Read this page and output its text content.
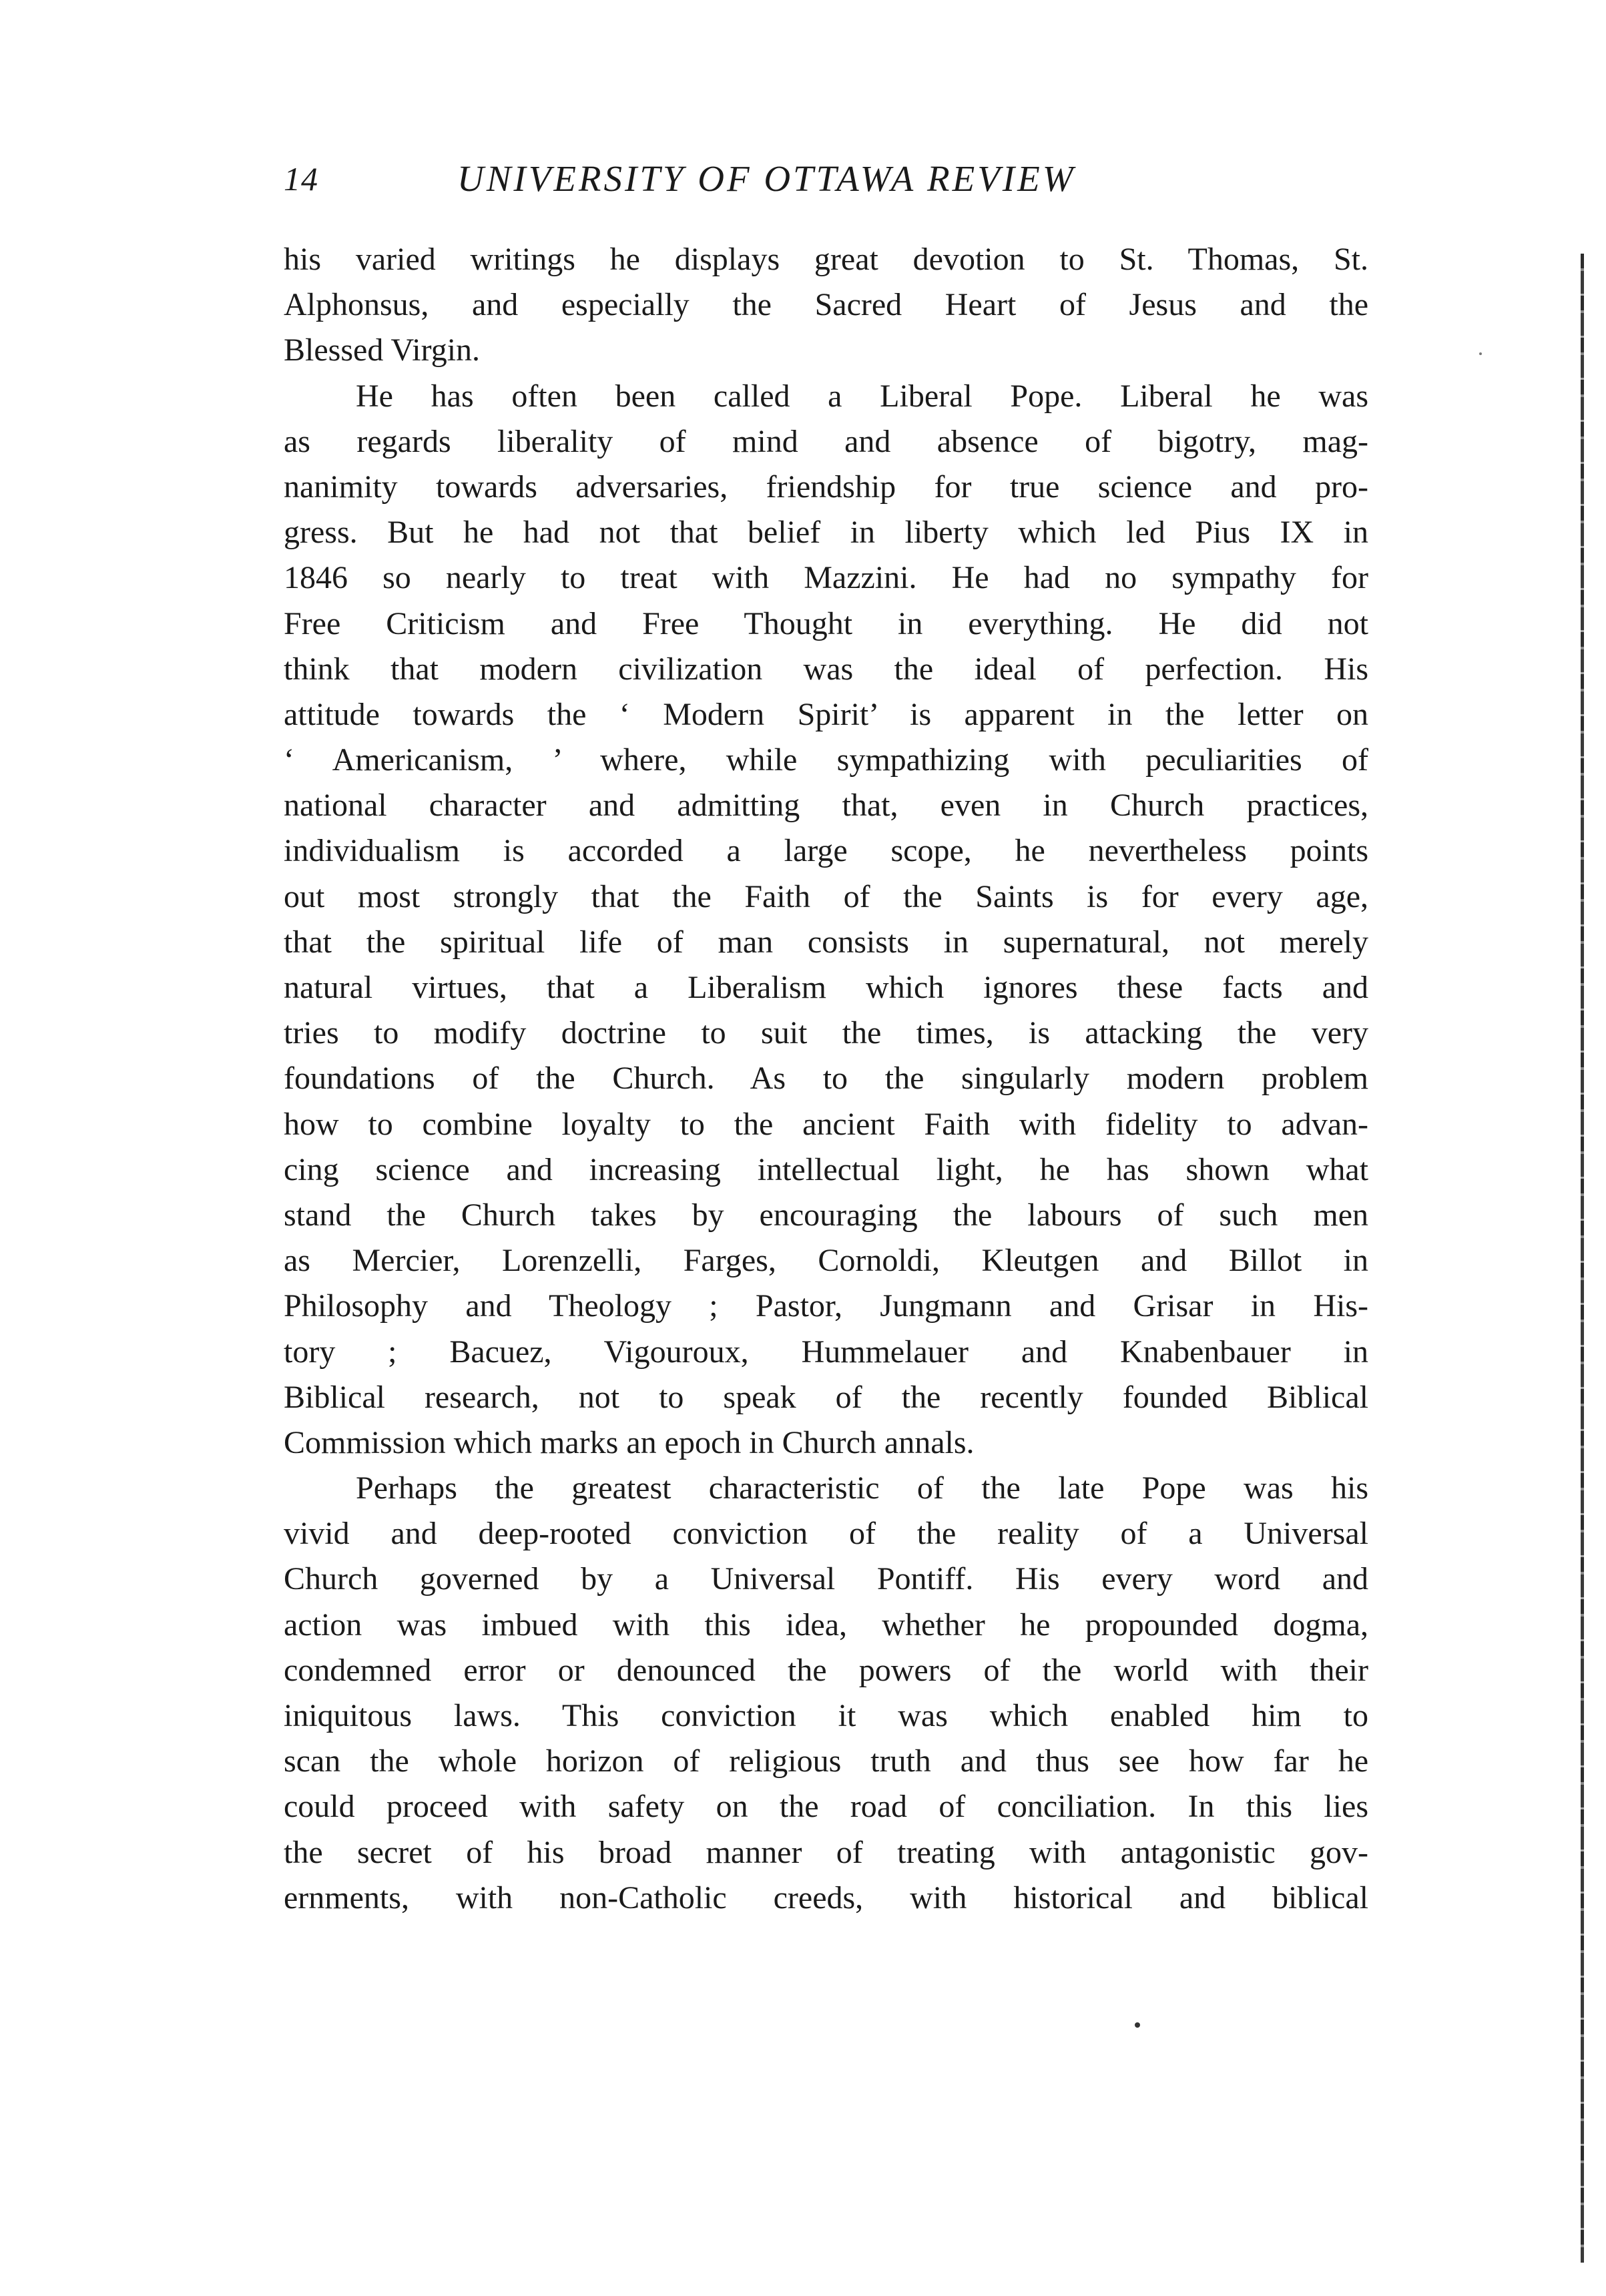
14	UNIVERSITY OF OTTAWA REVIEW
his varied writings he displays great devotion to St. Thomas, St.
Alphonsus, and especially the Sacred Heart of Jesus and the
Blessed Virgin.
He has often been called a Liberal Pope. Liberal he was
as regards liberality of mind and absence of bigotry, mag-
nanimity towards adversaries, friendship for true science and pro-
gress. But he had not that belief in liberty which led Pius IX in
1846 so nearly to treat with Mazzini. He had no sympathy for
Free Criticism and Free Thought in everything. He did not
think that modern civilization was the ideal of perfection. His
attitude towards the ‘ Modern Spirit’ is apparent in the letter on
‘ Americanism, ’ where, while sympathizing with peculiarities of
national character and admitting that, even in Church practices,
individualism is accorded a large scope, he nevertheless points
out most strongly that the Faith of the Saints is for every age,
that the spiritual life of man consists in supernatural, not merely
natural virtues, that a Liberalism which ignores these facts and
tries to modify doctrine to suit the times, is attacking the very
foundations of the Church. As to the singularly modern problem
how to combine loyalty to the ancient Faith with fidelity to advan-
cing science and increasing intellectual light, he has shown what
stand the Church takes by encouraging the labours of such men
as Mercier, Lorenzelli, Farges, Cornoldi, Kleutgen and Billot in
Philosophy and Theology ; Pastor, Jungmann and Grisar in His-
tory ; Bacuez, Vigouroux, Hummelauer and Knabenbauer in
Biblical research, not to speak of the recently founded Biblical
Commission which marks an epoch in Church annals.
Perhaps the greatest characteristic of the late Pope was his
vivid and deep-rooted conviction of the reality of a Universal
Church governed by a Universal Pontiff. His every word and
action was imbued with this idea, whether he propounded dogma,
condemned error or denounced the powers of the world with their
iniquitous laws. This conviction it was which enabled him to
scan the whole horizon of religious truth and thus see how far he
could proceed with safety on the road of conciliation. In this lies
the secret of his broad manner of treating with antagonistic gov-
ernments, with non-Catholic creeds, with historical and biblical
